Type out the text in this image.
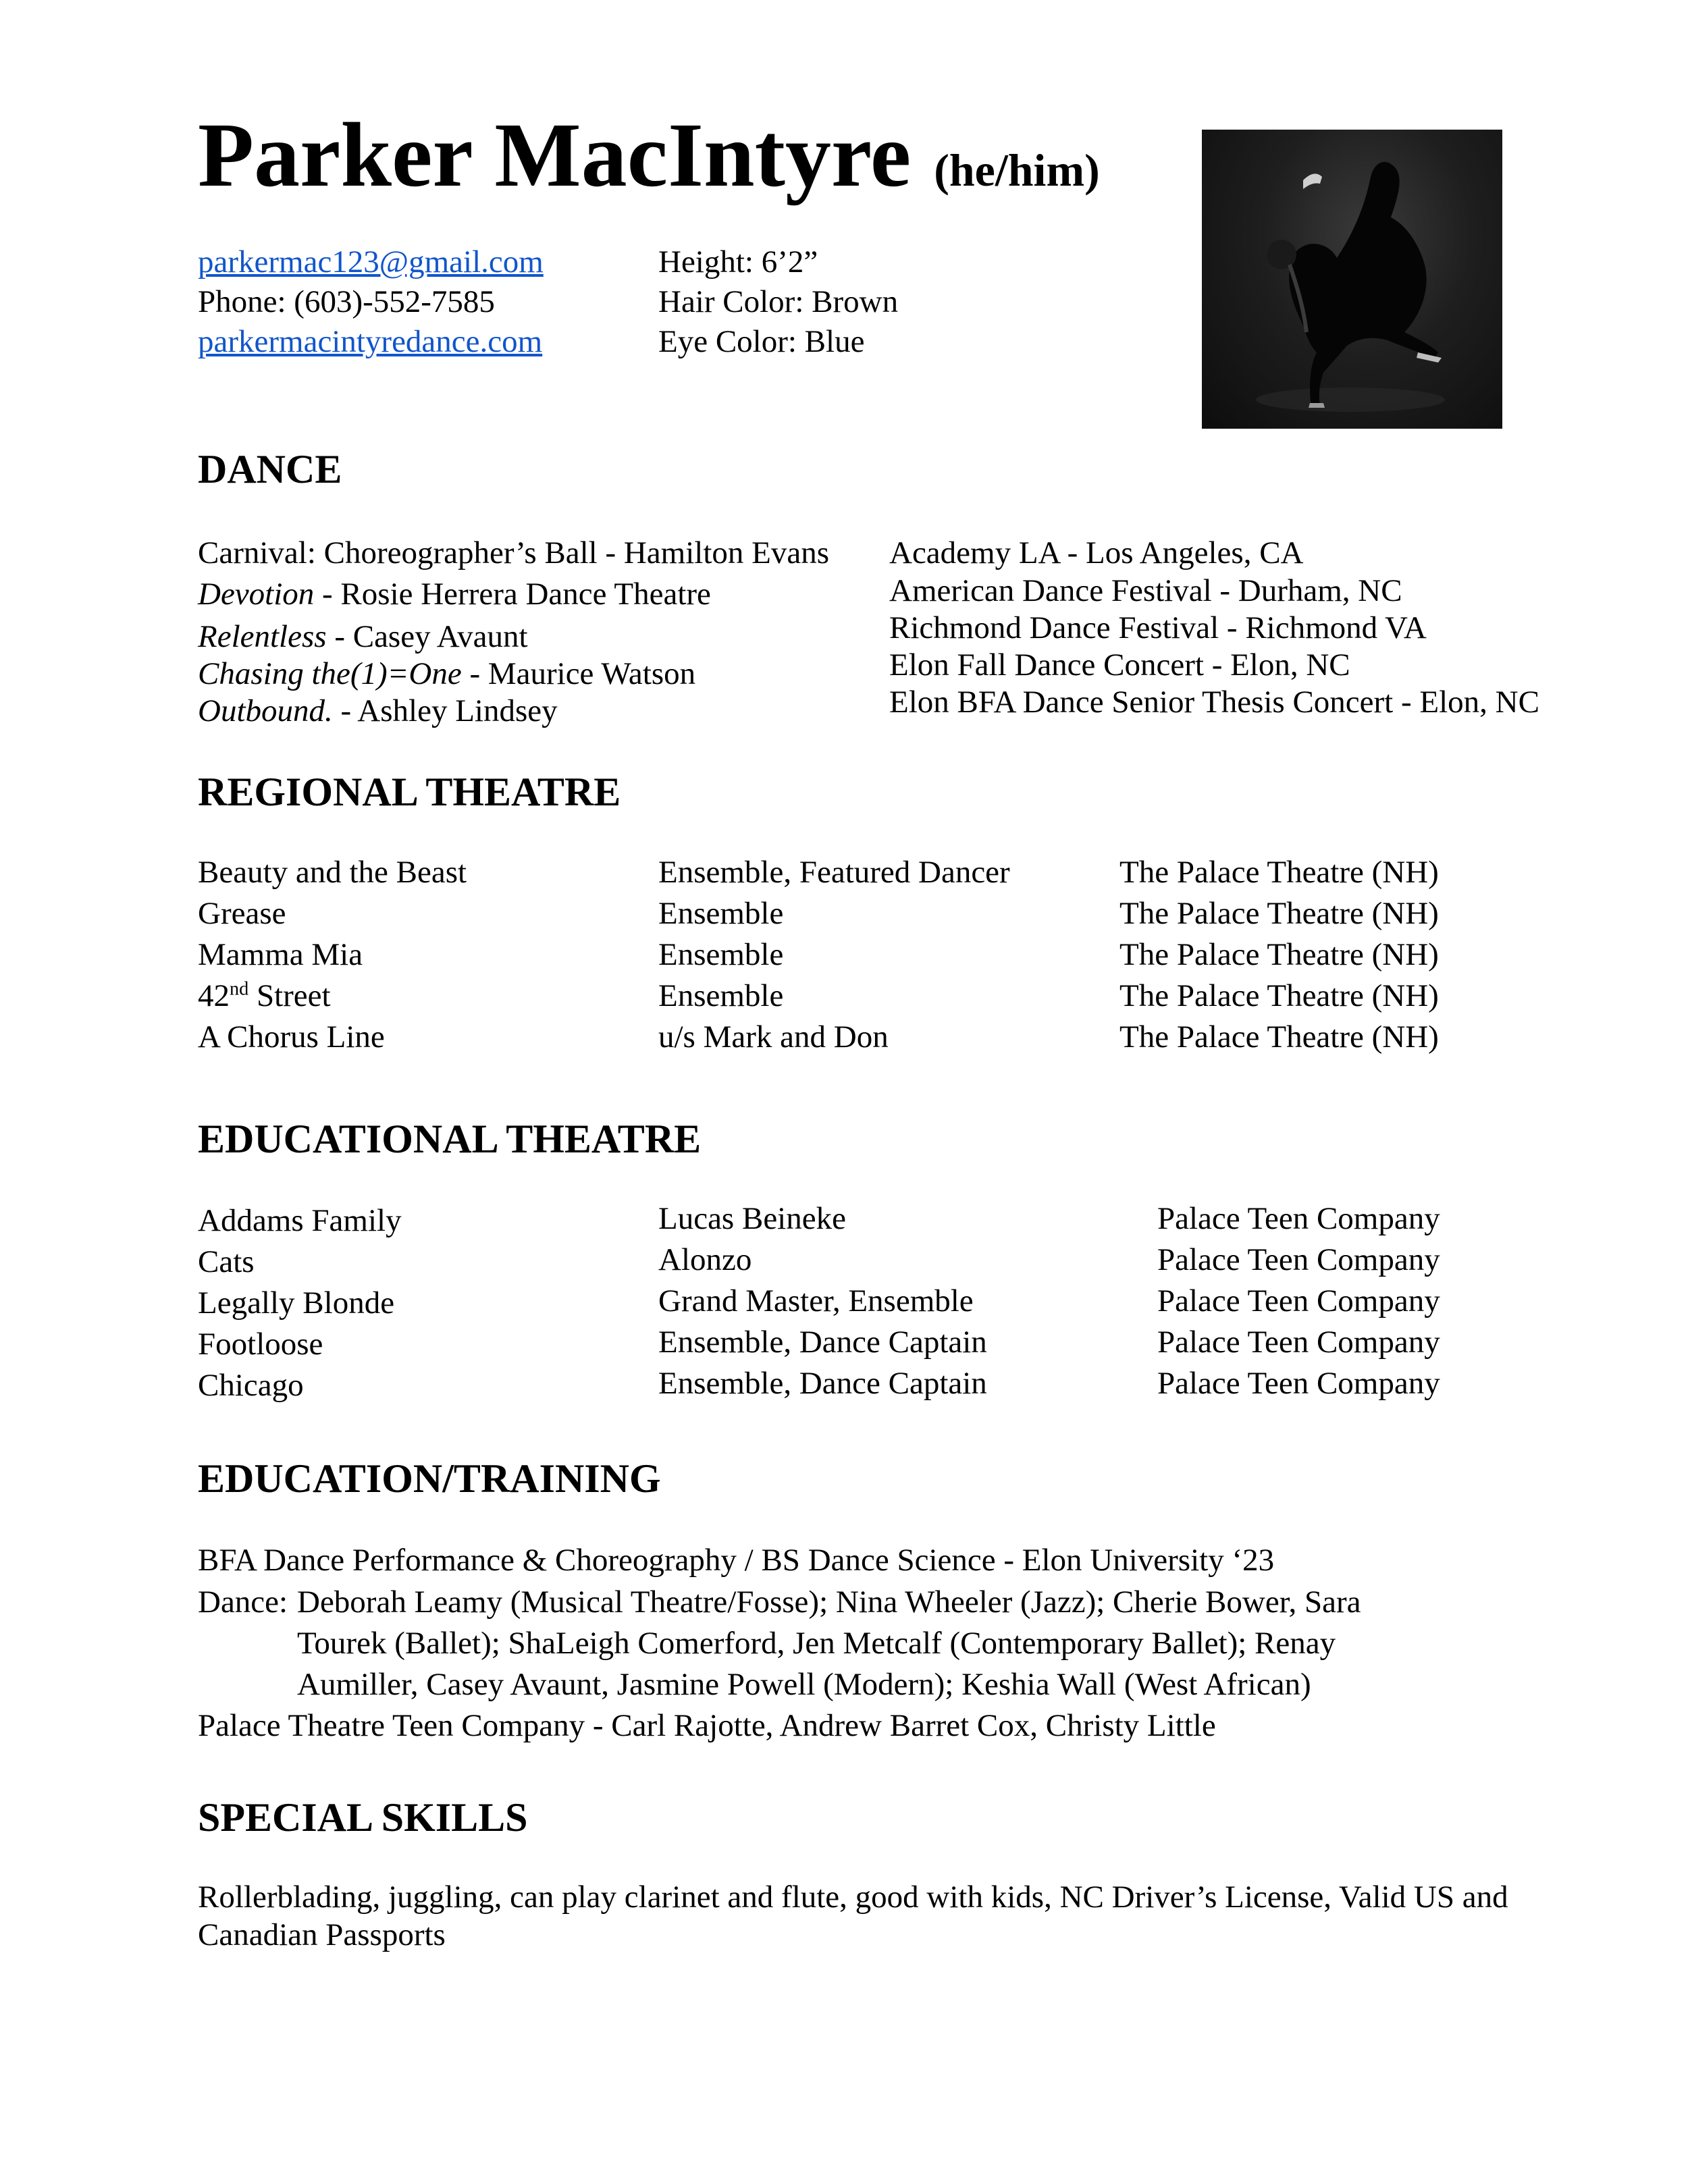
Parker MacIntyre (he/him)
parkermac123@gmail.com
Phone: (603)-552-7585
parkermacintyredance.com
Height: 6’2”
Hair Color: Brown
Eye Color: Blue
DANCE
Carnival: Choreographer’s Ball - Hamilton Evans
Devotion - Rosie Herrera Dance Theatre
Relentless - Casey Avaunt
Chasing the(1)=One - Maurice Watson
Outbound. - Ashley Lindsey
Academy LA - Los Angeles, CA
American Dance Festival - Durham, NC
Richmond Dance Festival - Richmond VA
Elon Fall Dance Concert - Elon, NC
Elon BFA Dance Senior Thesis Concert - Elon, NC
REGIONAL THEATRE
Beauty and the Beast	Ensemble, Featured Dancer	The Palace Theatre (NH)
Grease	Ensemble	The Palace Theatre (NH)
Mamma Mia	Ensemble	The Palace Theatre (NH)
42nd Street	Ensemble	The Palace Theatre (NH)
A Chorus Line	u/s Mark and Don	The Palace Theatre (NH)
EDUCATIONAL THEATRE
Addams Family	Lucas Beineke	Palace Teen Company
Cats	Alonzo	Palace Teen Company
Legally Blonde	Grand Master, Ensemble	Palace Teen Company
Footloose	Ensemble, Dance Captain	Palace Teen Company
Chicago	Ensemble, Dance Captain	Palace Teen Company
EDUCATION/TRAINING
BFA Dance Performance & Choreography / BS Dance Science - Elon University ‘23
Dance: Deborah Leamy (Musical Theatre/Fosse); Nina Wheeler (Jazz); Cherie Bower, Sara
Tourek (Ballet); ShaLeigh Comerford, Jen Metcalf (Contemporary Ballet); Renay
Aumiller, Casey Avaunt, Jasmine Powell (Modern); Keshia Wall (West African)
Palace Theatre Teen Company - Carl Rajotte, Andrew Barret Cox, Christy Little
SPECIAL SKILLS
Rollerblading, juggling, can play clarinet and flute, good with kids, NC Driver’s License, Valid US and
Canadian Passports
